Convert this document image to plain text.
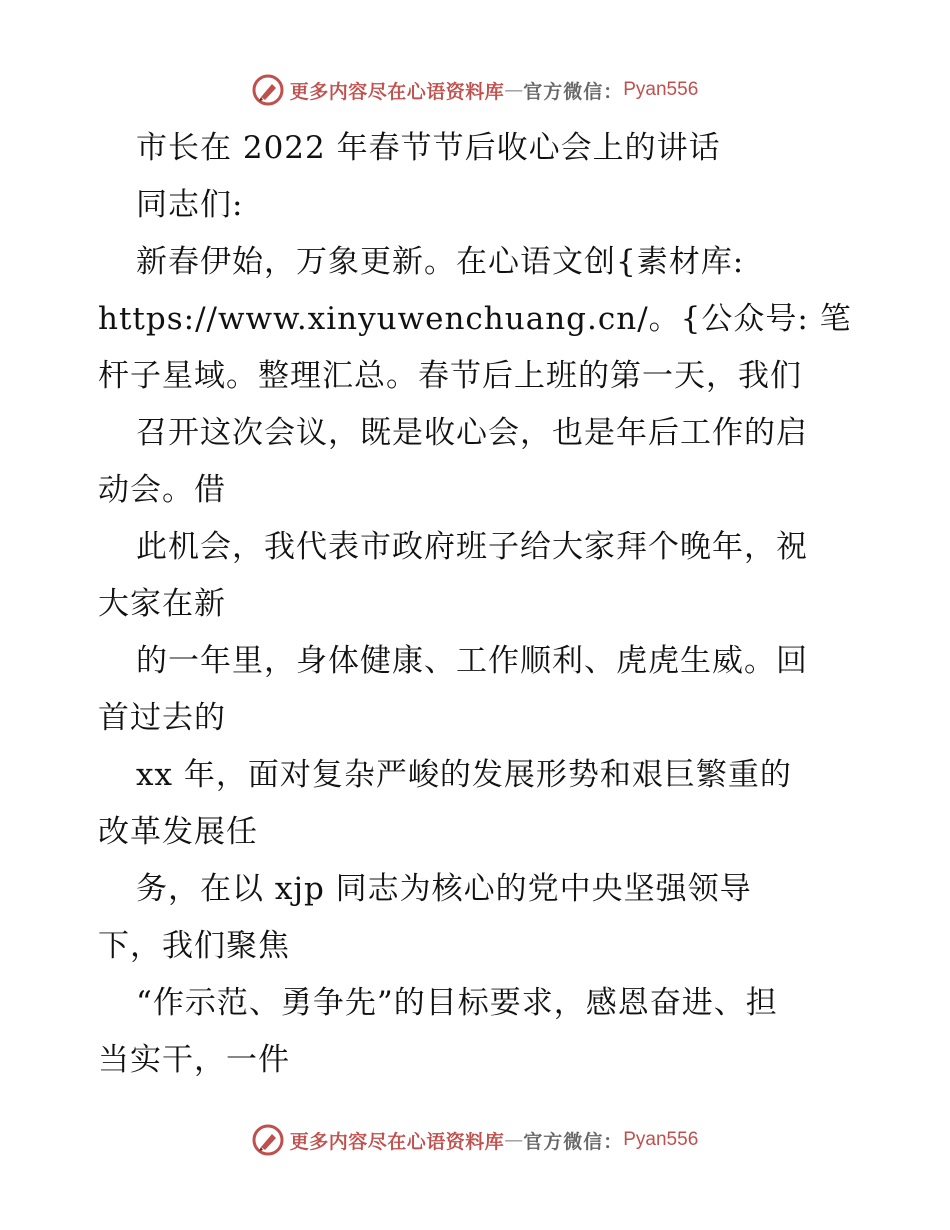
更多内容尽在心语资料库 — 官方微信： Pyan556
市长在 2022 年春节节后收心会上的讲话
同志们:
新春伊始，万象更新。在心语文创{素材库:
https://www.xinyuwenchuang.cn/。{公众号: 笔
杆子星域。整理汇总。春节后上班的第一天，我们
召开这次会议，既是收心会，也是年后工作的启
动会。借
此机会，我代表市政府班子给大家拜个晚年，祝
大家在新
的一年里，身体健康、工作顺利、虎虎生威。回
首过去的
xx 年，面对复杂严峻的发展形势和艰巨繁重的
改革发展任
务，在以 xjp 同志为核心的党中央坚强领导
下，我们聚焦
“作示范、勇争先”的目标要求，感恩奋进、担
当实干，一件
更多内容尽在心语资料库 — 官方微信： Pyan556
